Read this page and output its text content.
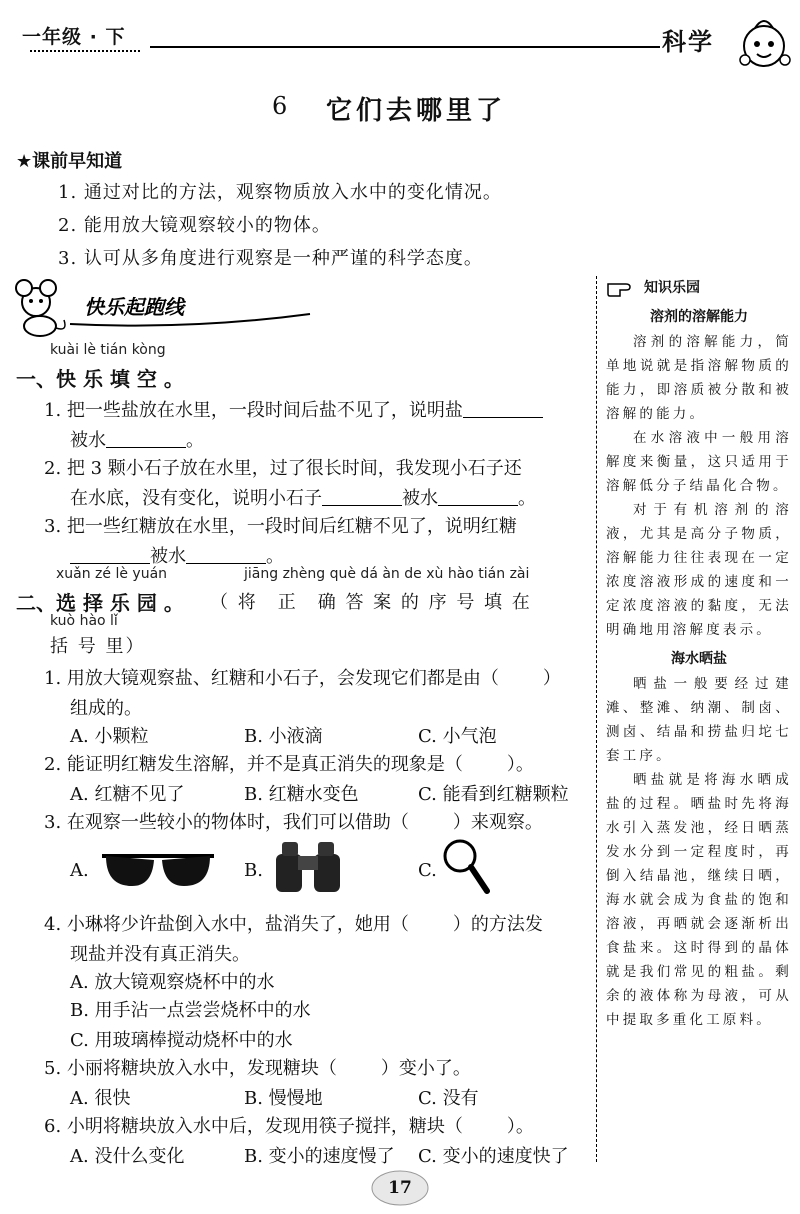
一年级 · 下	科学
6 它们去哪里了
★课前早知道
1. 通过对比的方法，观察物质放入水中的变化情况。
2. 能用放大镜观察较小的物体。
3. 认可从多角度进行观察是一种严谨的科学态度。
快乐起跑线
kuài lè tián kòng
一、快 乐 填 空 。
1. 把一些盐放在水里，一段时间后盐不见了，说明盐
被水	。
2. 把 3 颗小石子放在水里，过了很长时间，我发现小石子还
在水底，没有变化，说明小石子	被水	。
3. 把一些红糖放在水里，一段时间后红糖不见了，说明红糖
被水	。
xuǎn zé lè yuán	jiāng zhèng què dá àn de xù hào tián zài
二、选 择 乐 园 。 （ 将　正　确 答 案 的 序 号 填 在
kuò hào lǐ
括 号 里）
1. 用放大镜观察盐、红糖和小石子，会发现它们都是由（ ）
组成的。
A. 小颗粒	B. 小液滴	C. 小气泡
2. 能证明红糖发生溶解，并不是真正消失的现象是（ ）。
A. 红糖不见了	B. 红糖水变色	C. 能看到红糖颗粒
3. 在观察一些较小的物体时，我们可以借助（ ）来观察。
A.	B.	C.
4. 小琳将少许盐倒入水中，盐消失了，她用（ ）的方法发
现盐并没有真正消失。
A. 放大镜观察烧杯中的水
B. 用手沾一点尝尝烧杯中的水
C. 用玻璃棒搅动烧杯中的水
5. 小丽将糖块放入水中，发现糖块（ ）变小了。
A. 很快	B. 慢慢地	C. 没有
6. 小明将糖块放入水中后，发现用筷子搅拌，糖块（ ）。
A. 没什么变化	B. 变小的速度慢了 C. 变小的速度快了
知识乐园
溶剂的溶解能力

溶剂的溶解能力，简单地说就是指溶解物质的能力，即溶质被分散和被溶解的能力。

在水溶液中一般用溶解度来衡量，这只适用于溶解低分子结晶化合物。

对于有机溶剂的溶液，尤其是高分子物质，溶解能力往往表现在一定浓度溶液形成的速度和一定浓度溶液的黏度，无法明确地用溶解度表示。

海水晒盐

晒盐一般要经过建滩、整滩、纳潮、制卤、测卤、结晶和捞盐归坨七套工序。

晒盐就是将海水晒成盐的过程。晒盐时先将海水引入蒸发池，经日晒蒸发水分到一定程度时，再倒入结晶池，继续日晒，海水就会成为食盐的饱和溶液，再晒就会逐渐析出食盐来。这时得到的晶体就是我们常见的粗盐。剩余的液体称为母液，可从中提取多重化工原料。

17
